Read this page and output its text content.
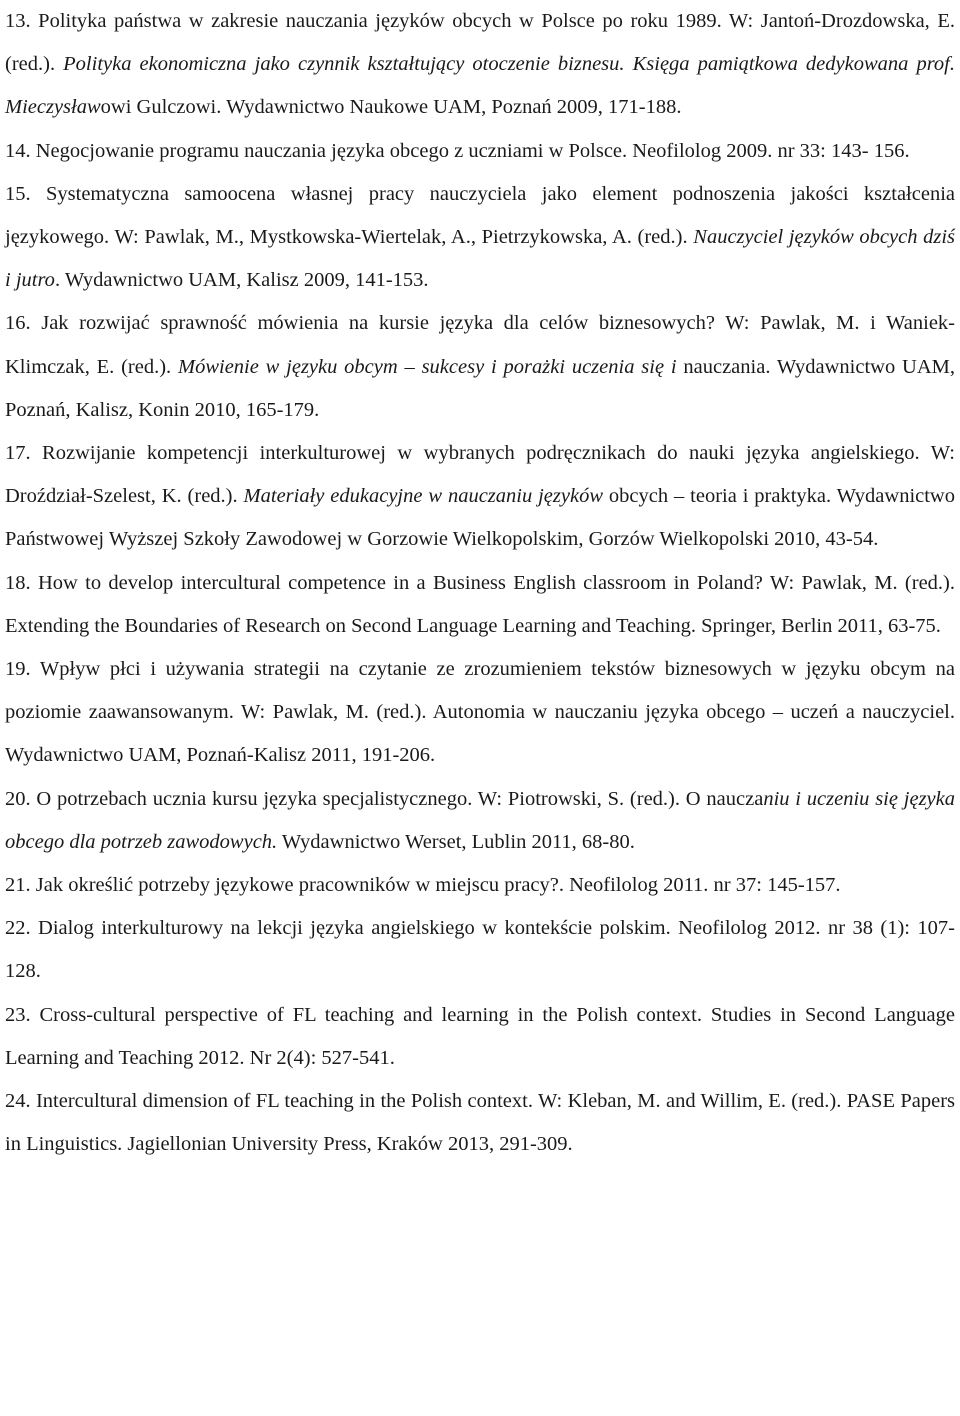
13. Polityka państwa w zakresie nauczania języków obcych w Polsce po roku 1989. W: Jantoń-Drozdowska, E. (red.). Polityka ekonomiczna jako czynnik kształtujący otoczenie biznesu. Księga pamiątkowa dedykowana prof. Mieczysławowi Gulczowi. Wydawnictwo Naukowe UAM, Poznań 2009, 171-188.

14. Negocjowanie programu nauczania języka obcego z uczniami w Polsce. Neofilolog 2009. nr 33: 143- 156.

15. Systematyczna samoocena własnej pracy nauczyciela jako element podnoszenia jakości kształcenia językowego. W: Pawlak, M., Mystkowska-Wiertelak, A., Pietrzykowska, A. (red.). Nauczyciel języków obcych dziś i jutro. Wydawnictwo UAM, Kalisz 2009, 141-153.

16. Jak rozwijać sprawność mówienia na kursie języka dla celów biznesowych? W: Pawlak, M. i Waniek-Klimczak, E. (red.). Mówienie w języku obcym – sukcesy i porażki uczenia się i nauczania. Wydawnictwo UAM, Poznań, Kalisz, Konin 2010, 165-179.

17. Rozwijanie kompetencji interkulturowej w wybranych podręcznikach do nauki języka angielskiego. W: Droździał-Szelest, K. (red.). Materiały edukacyjne w nauczaniu języków obcych – teoria i praktyka. Wydawnictwo Państwowej Wyższej Szkoły Zawodowej w Gorzowie Wielkopolskim, Gorzów Wielkopolski 2010, 43-54.

18. How to develop intercultural competence in a Business English classroom in Poland? W: Pawlak, M. (red.). Extending the Boundaries of Research on Second Language Learning and Teaching. Springer, Berlin 2011, 63-75.

19. Wpływ płci i używania strategii na czytanie ze zrozumieniem tekstów biznesowych w języku obcym na poziomie zaawansowanym. W: Pawlak, M. (red.). Autonomia w nauczaniu języka obcego – uczeń a nauczyciel. Wydawnictwo UAM, Poznań-Kalisz 2011, 191-206.

20. O potrzebach ucznia kursu języka specjalistycznego. W: Piotrowski, S. (red.). O nauczaniu i uczeniu się języka obcego dla potrzeb zawodowych. Wydawnictwo Werset, Lublin 2011, 68-80.

21. Jak określić potrzeby językowe pracowników w miejscu pracy?. Neofilolog 2011. nr 37: 145-157.

22. Dialog interkulturowy na lekcji języka angielskiego w kontekście polskim. Neofilolog 2012. nr 38 (1): 107-128.

23. Cross-cultural perspective of FL teaching and learning in the Polish context. Studies in Second Language Learning and Teaching 2012. Nr 2(4): 527-541.

24. Intercultural dimension of FL teaching in the Polish context. W: Kleban, M. and Willim, E. (red.). PASE Papers in Linguistics. Jagiellonian University Press, Kraków 2013, 291-309.
